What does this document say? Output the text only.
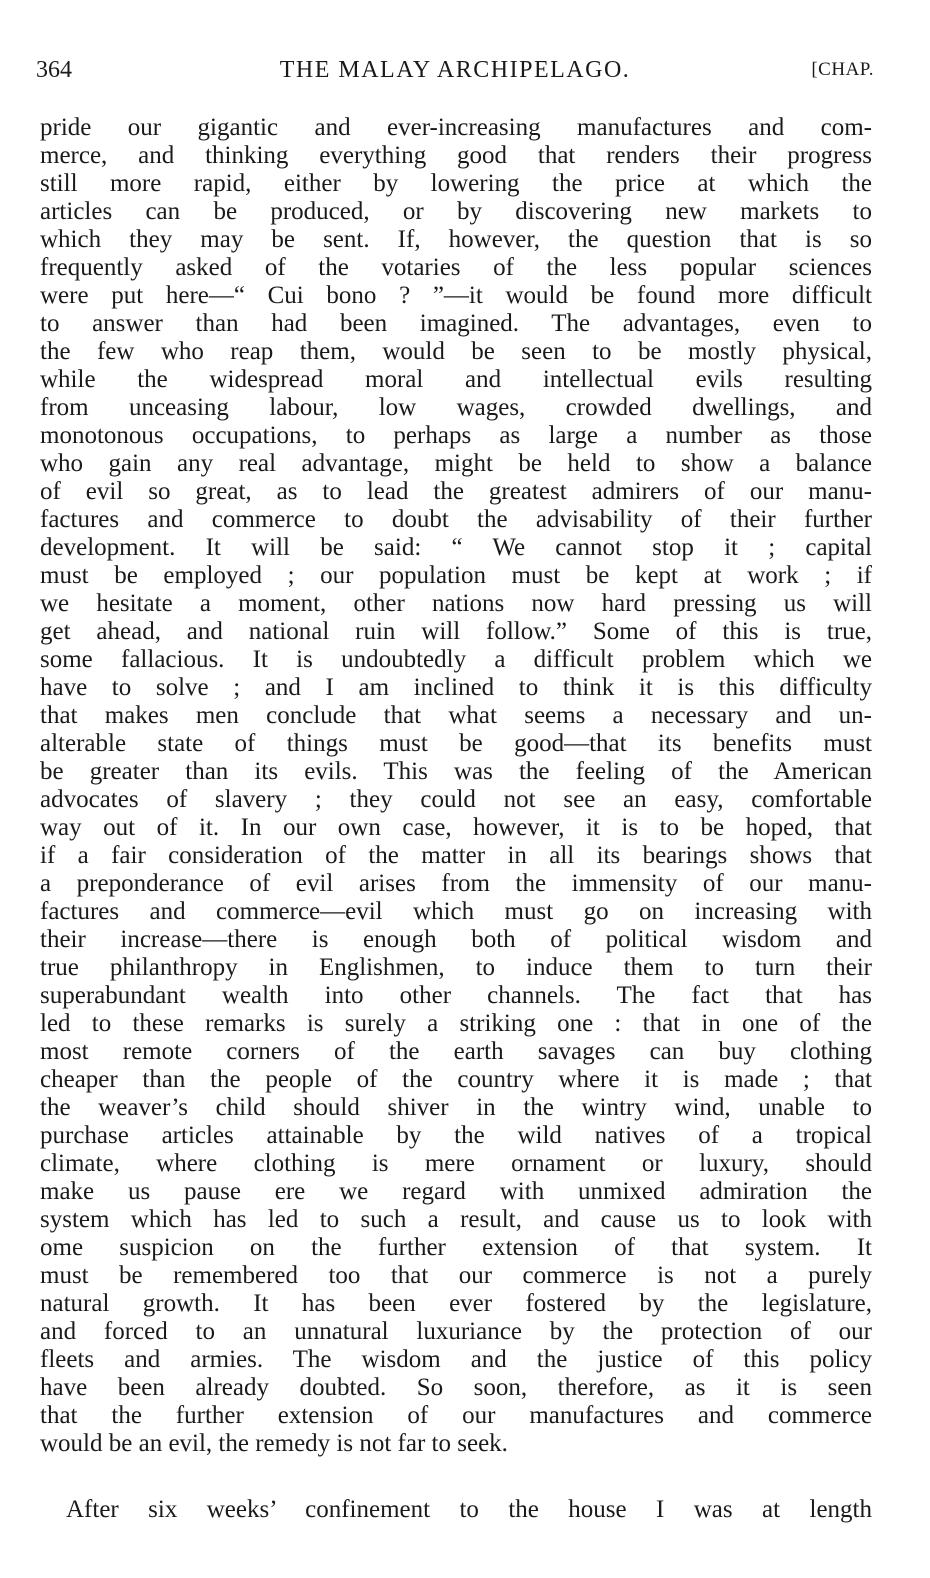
364	THE MALAY ARCHIPELAGO.	[CHAP.
pride our gigantic and ever-increasing manufactures and com-
merce, and thinking everything good that renders their progress
still more rapid, either by lowering the price at which the
articles can be produced, or by discovering new markets to
which they may be sent. If, however, the question that is so
frequently asked of the votaries of the less popular sciences
were put here—“ Cui bono ? ”—it would be found more difficult
to answer than had been imagined. The advantages, even to
the few who reap them, would be seen to be mostly physical,
while the widespread moral and intellectual evils resulting
from unceasing labour, low wages, crowded dwellings, and
monotonous occupations, to perhaps as large a number as those
who gain any real advantage, might be held to show a balance
of evil so great, as to lead the greatest admirers of our manu-
factures and commerce to doubt the advisability of their further
development. It will be said: “ We cannot stop it ; capital
must be employed ; our population must be kept at work ; if
we hesitate a moment, other nations now hard pressing us will
get ahead, and national ruin will follow.” Some of this is true,
some fallacious. It is undoubtedly a difficult problem which we
have to solve ; and I am inclined to think it is this difficulty
that makes men conclude that what seems a necessary and un-
alterable state of things must be good—that its benefits must
be greater than its evils. This was the feeling of the American
advocates of slavery ; they could not see an easy, comfortable
way out of it. In our own case, however, it is to be hoped, that
if a fair consideration of the matter in all its bearings shows that
a preponderance of evil arises from the immensity of our manu-
factures and commerce—evil which must go on increasing with
their increase—there is enough both of political wisdom and
true philanthropy in Englishmen, to induce them to turn their
superabundant wealth into other channels. The fact that has
led to these remarks is surely a striking one : that in one of the
most remote corners of the earth savages can buy clothing
cheaper than the people of the country where it is made ; that
the weaver’s child should shiver in the wintry wind, unable to
purchase articles attainable by the wild natives of a tropical
climate, where clothing is mere ornament or luxury, should
make us pause ere we regard with unmixed admiration the
system which has led to such a result, and cause us to look with
ome suspicion on the further extension of that system. It
must be remembered too that our commerce is not a purely
natural growth. It has been ever fostered by the legislature,
and forced to an unnatural luxuriance by the protection of our
fleets and armies. The wisdom and the justice of this policy
have been already doubted. So soon, therefore, as it is seen
that the further extension of our manufactures and commerce
would be an evil, the remedy is not far to seek.
After six weeks’ confinement to the house I was at length
